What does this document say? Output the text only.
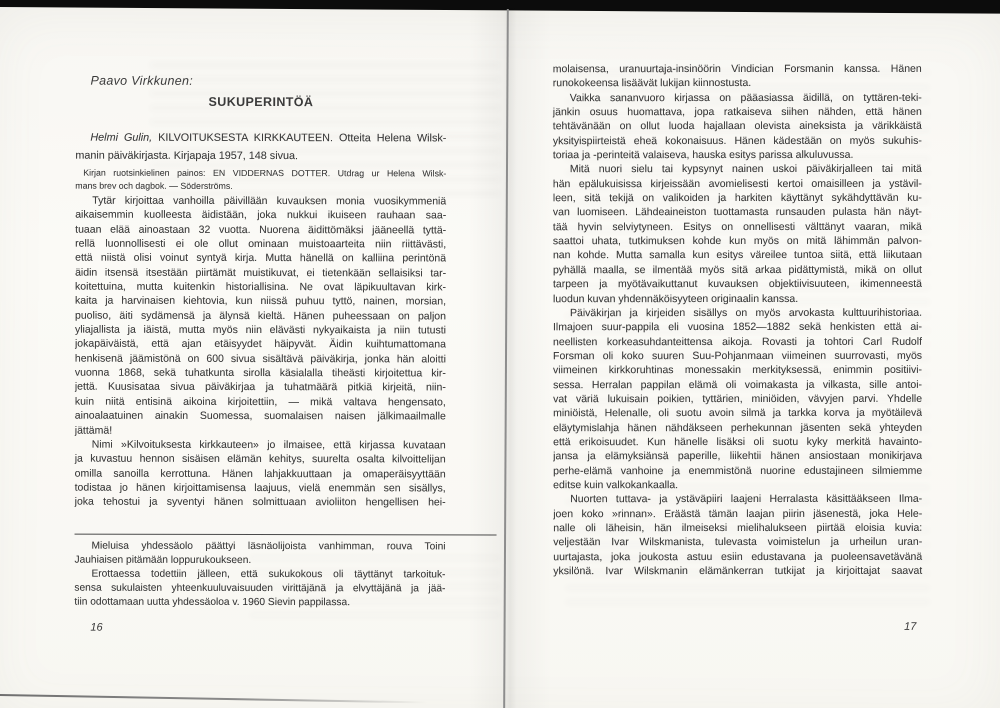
Paavo Virkkunen:
SUKUPERINTÖÄ
Helmi Gulin, KILVOITUKSESTA KIRKKAUTEEN. Otteita Helena Wilsk-
manin päiväkirjasta. Kirjapaja 1957, 148 sivua.
Kirjan ruotsinkielinen painos: EN VIDDERNAS DOTTER. Utdrag ur Helena Wilsk-
mans brev och dagbok. — Söderströms.
Tytär kirjoittaa vanhoilla päivillään kuvauksen monia vuosikymmeniä
aikaisemmin kuolleesta äidistään, joka nukkui ikuiseen rauhaan saa-
tuaan elää ainoastaan 32 vuotta. Nuorena äidittömäksi jääneellä tyttä-
rellä luonnollisesti ei ole ollut ominaan muistoaarteita niin riittävästi,
että niistä olisi voinut syntyä kirja. Mutta hänellä on kalliina perintönä
äidin itsensä itsestään piirtämät muistikuvat, ei tietenkään sellaisiksi tar-
koitettuina, mutta kuitenkin historiallisina. Ne ovat läpikuultavan kirk-
kaita ja harvinaisen kiehtovia, kun niissä puhuu tyttö, nainen, morsian,
puoliso, äiti sydämensä ja älynsä kieltä. Hänen puheessaan on paljon
yliajallista ja iäistä, mutta myös niin elävästi nykyaikaista ja niin tutusti
jokapäiväistä, että ajan etäisyydet häipyvät. Äidin kuihtumattomana
henkisenä jäämistönä on 600 sivua sisältävä päiväkirja, jonka hän aloitti
vuonna 1868, sekä tuhatkunta sirolla käsialalla tiheästi kirjoitettua kir-
jettä. Kuusisataa sivua päiväkirjaa ja tuhatmäärä pitkiä kirjeitä, niin-
kuin niitä entisinä aikoina kirjoitettiin, — mikä valtava hengensato,
ainoalaatuinen ainakin Suomessa, suomalaisen naisen jälkimaailmalle
jättämä!
Nimi »Kilvoituksesta kirkkauteen» jo ilmaisee, että kirjassa kuvataan
ja kuvastuu hennon sisäisen elämän kehitys, suurelta osalta kilvoittelijan
omilla sanoilla kerrottuna. Hänen lahjakkuuttaan ja omaperäisyyttään
todistaa jo hänen kirjoittamisensa laajuus, vielä enemmän sen sisällys,
joka tehostui ja syventyi hänen solmittuaan avioliiton hengellisen hei-
Mieluisa yhdessäolo päättyi läsnäolijoista vanhimman, rouva Toini
Jauhiaisen pitämään loppurukoukseen.
Erottaessa todettiin jälleen, että sukukokous oli täyttänyt tarkoituk-
sensa sukulaisten yhteenkuuluvaisuuden virittäjänä ja elvyttäjänä ja jää-
tiin odottamaan uutta yhdessäoloa v. 1960 Sievin pappilassa.
16
molaisensa, uranuurtaja-insinöörin Vindician Forsmanin kanssa. Hänen
runokokeensa lisäävät lukijan kiinnostusta.
Vaikka sananvuoro kirjassa on pääasiassa äidillä, on tyttären-teki-
jänkin osuus huomattava, jopa ratkaiseva siihen nähden, että hänen
tehtävänään on ollut luoda hajallaan olevista aineksista ja värikkäistä
yksityispiirteistä eheä kokonaisuus. Hänen kädestään on myös sukuhis-
toriaa ja -perinteitä valaiseva, hauska esitys parissa alkuluvussa.
Mitä nuori sielu tai kypsynyt nainen uskoi päiväkirjalleen tai mitä
hän epälukuisissa kirjeissään avomielisesti kertoi omaisilleen ja ystävil-
leen, sitä tekijä on valikoiden ja harkiten käyttänyt sykähdyttävän ku-
van luomiseen. Lähdeaineiston tuottamasta runsauden pulasta hän näyt-
tää hyvin selviytyneen. Esitys on onnellisesti välttänyt vaaran, mikä
saattoi uhata, tutkimuksen kohde kun myös on mitä lähimmän palvon-
nan kohde. Mutta samalla kun esitys väreilee tuntoa siitä, että liikutaan
pyhällä maalla, se ilmentää myös sitä arkaa pidättymistä, mikä on ollut
tarpeen ja myötävaikuttanut kuvauksen objektiivisuuteen, ikimenneestä
luodun kuvan yhdennäköisyyteen originaalin kanssa.
Päiväkirjan ja kirjeiden sisällys on myös arvokasta kulttuurihistoriaa.
Ilmajoen suur-pappila eli vuosina 1852—1882 sekä henkisten että ai-
neellisten korkeasuhdanteittensa aikoja. Rovasti ja tohtori Carl Rudolf
Forsman oli koko suuren Suu-Pohjanmaan viimeinen suurrovasti, myös
viimeinen kirkkoruhtinas monessakin merkityksessä, enimmin positiivi-
sessa. Herralan pappilan elämä oli voimakasta ja vilkasta, sille antoi-
vat väriä lukuisain poikien, tyttärien, miniöiden, vävyjen parvi. Yhdelle
miniöistä, Helenalle, oli suotu avoin silmä ja tarkka korva ja myötäilevä
eläytymislahja hänen nähdäkseen perhekunnan jäsenten sekä yhteyden
että erikoisuudet. Kun hänelle lisäksi oli suotu kyky merkitä havainto-
jansa ja elämyksiänsä paperille, liikehtii hänen ansiostaan monikirjava
perhe-elämä vanhoine ja enemmistönä nuorine edustajineen silmiemme
editse kuin valkokankaalla.
Nuorten tuttava- ja ystäväpiiri laajeni Herralasta käsittääkseen Ilma-
joen koko »rinnan». Eräästä tämän laajan piirin jäsenestä, joka Hele-
nalle oli läheisin, hän ilmeiseksi mielihalukseen piirtää eloisia kuvia:
veljestään Ivar Wilskmanista, tulevasta voimistelun ja urheilun uran-
uurtajasta, joka joukosta astuu esiin edustavana ja puoleensavetävänä
yksilönä. Ivar Wilskmanin elämänkerran tutkijat ja kirjoittajat saavat
17
